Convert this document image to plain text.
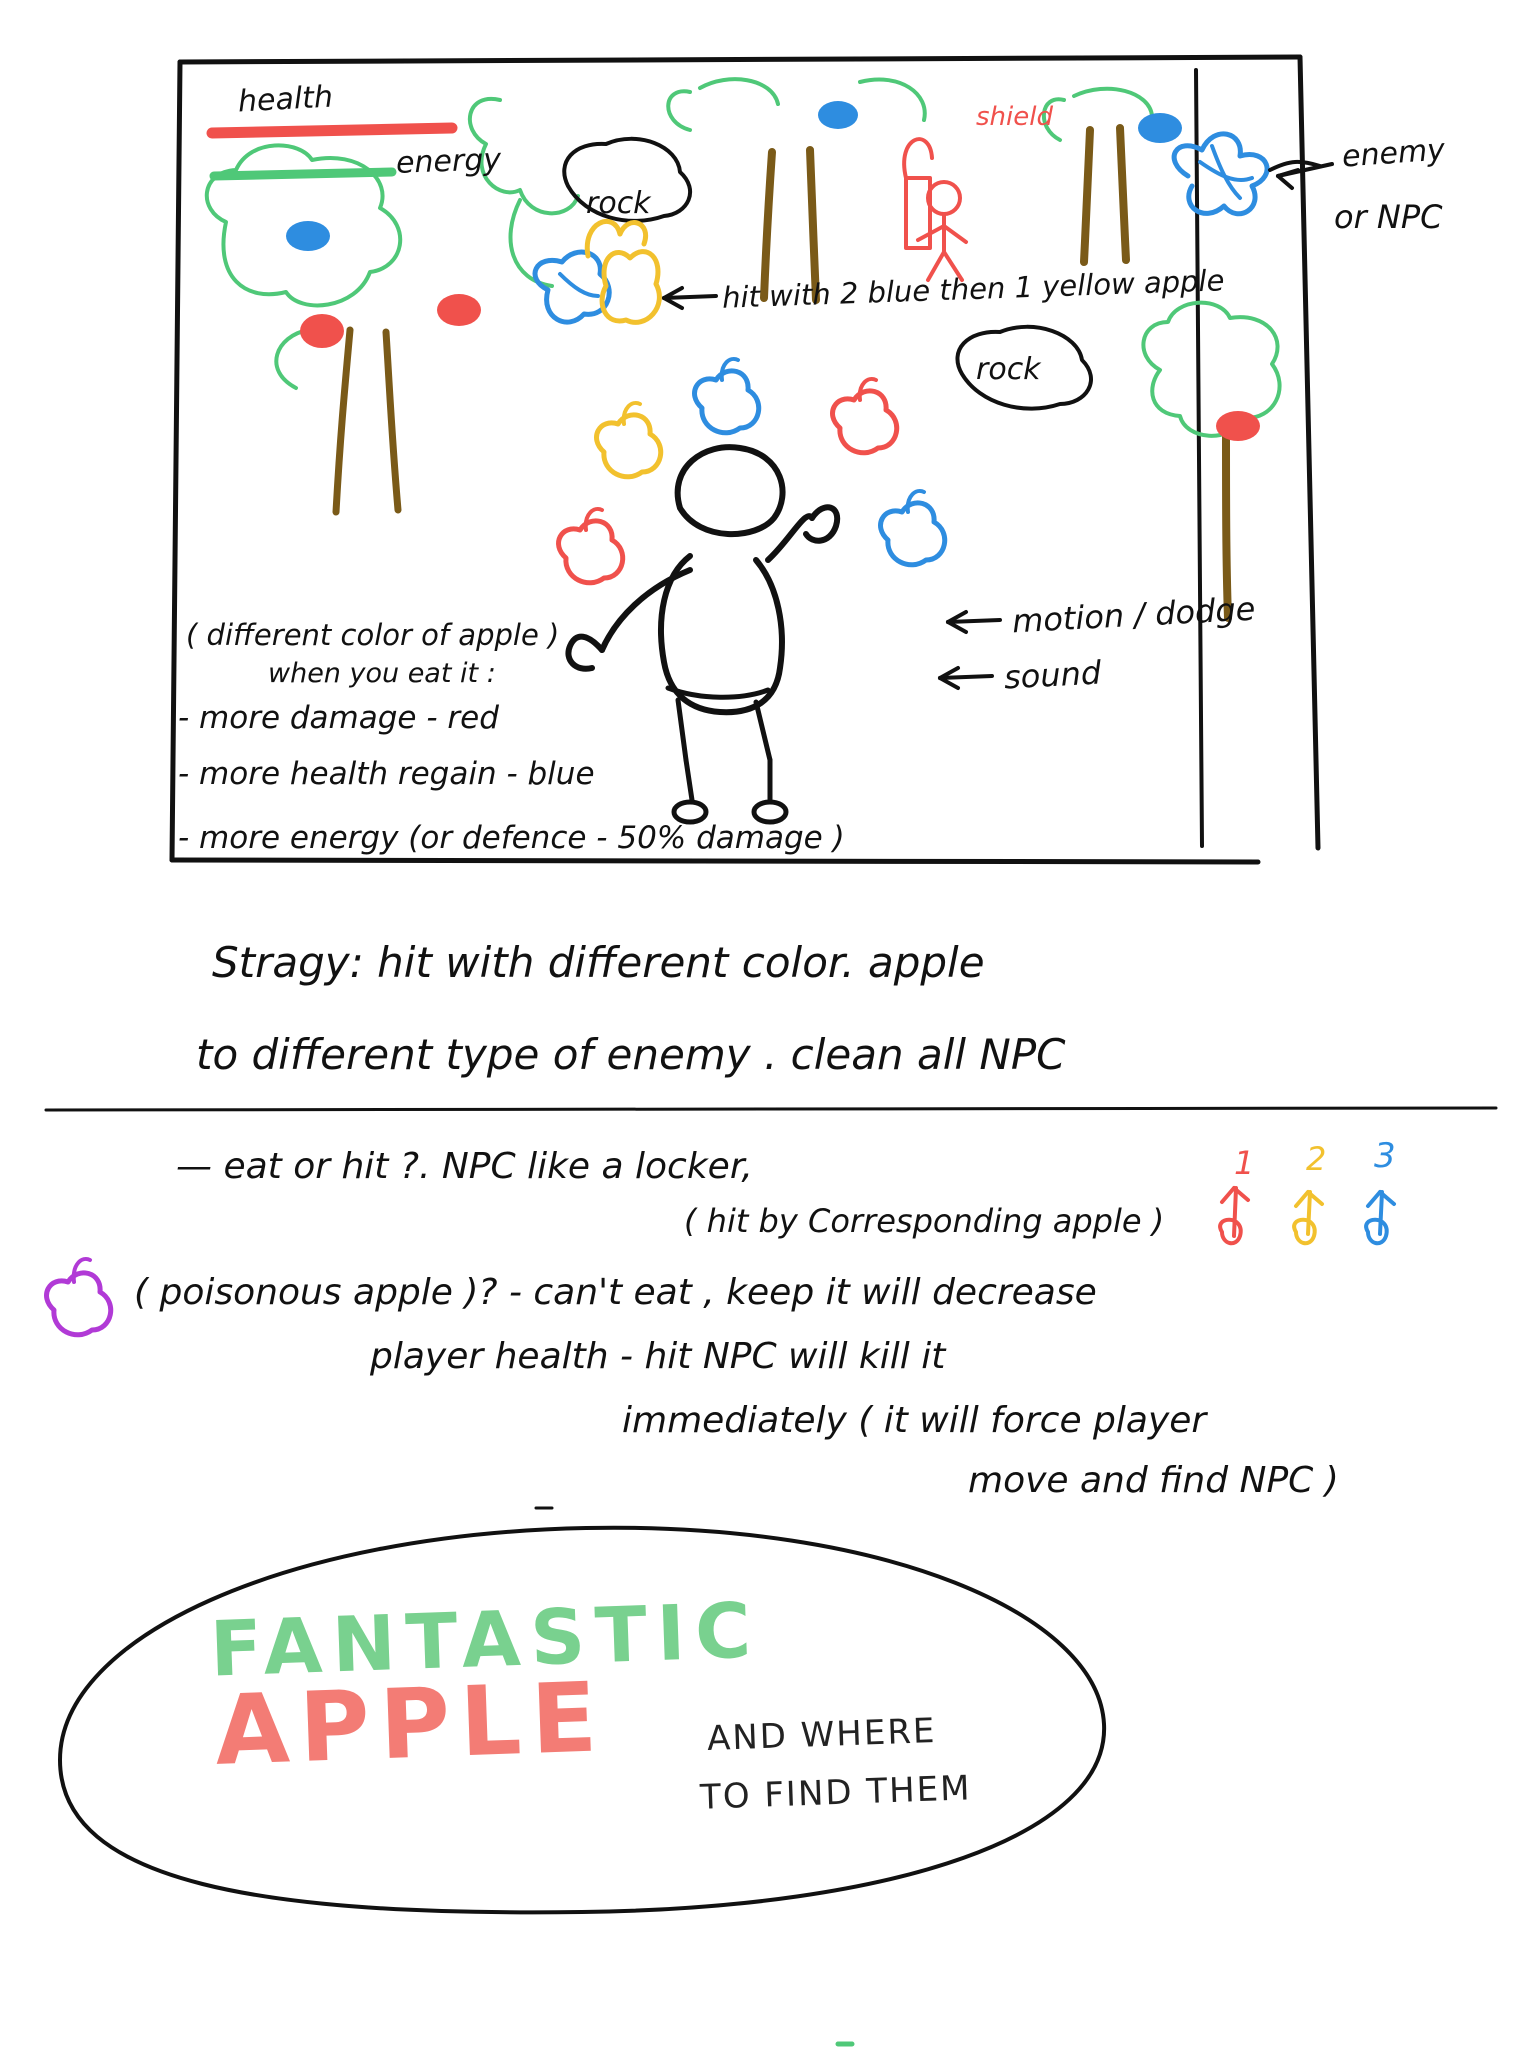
health
energy
rock
shield
rock
enemy
or NPC
hit with 2 blue then 1 yellow apple
motion / dodge
sound
( different color of apple )
when you eat it :
- more damage - red
- more health regain - blue
- more energy (or defence - 50% damage )
Stragy: hit with different color. apple
to different type of enemy . clean all NPC
— eat or hit ?. NPC like a locker,
( hit by Corresponding apple )
1 2 3
( poisonous apple )? - can't eat , keep it will decrease
player health - hit NPC will kill it
immediately ( it will force player
move and find NPC )
FANTASTIC
APPLE	AND WHERE
TO FIND THEM
